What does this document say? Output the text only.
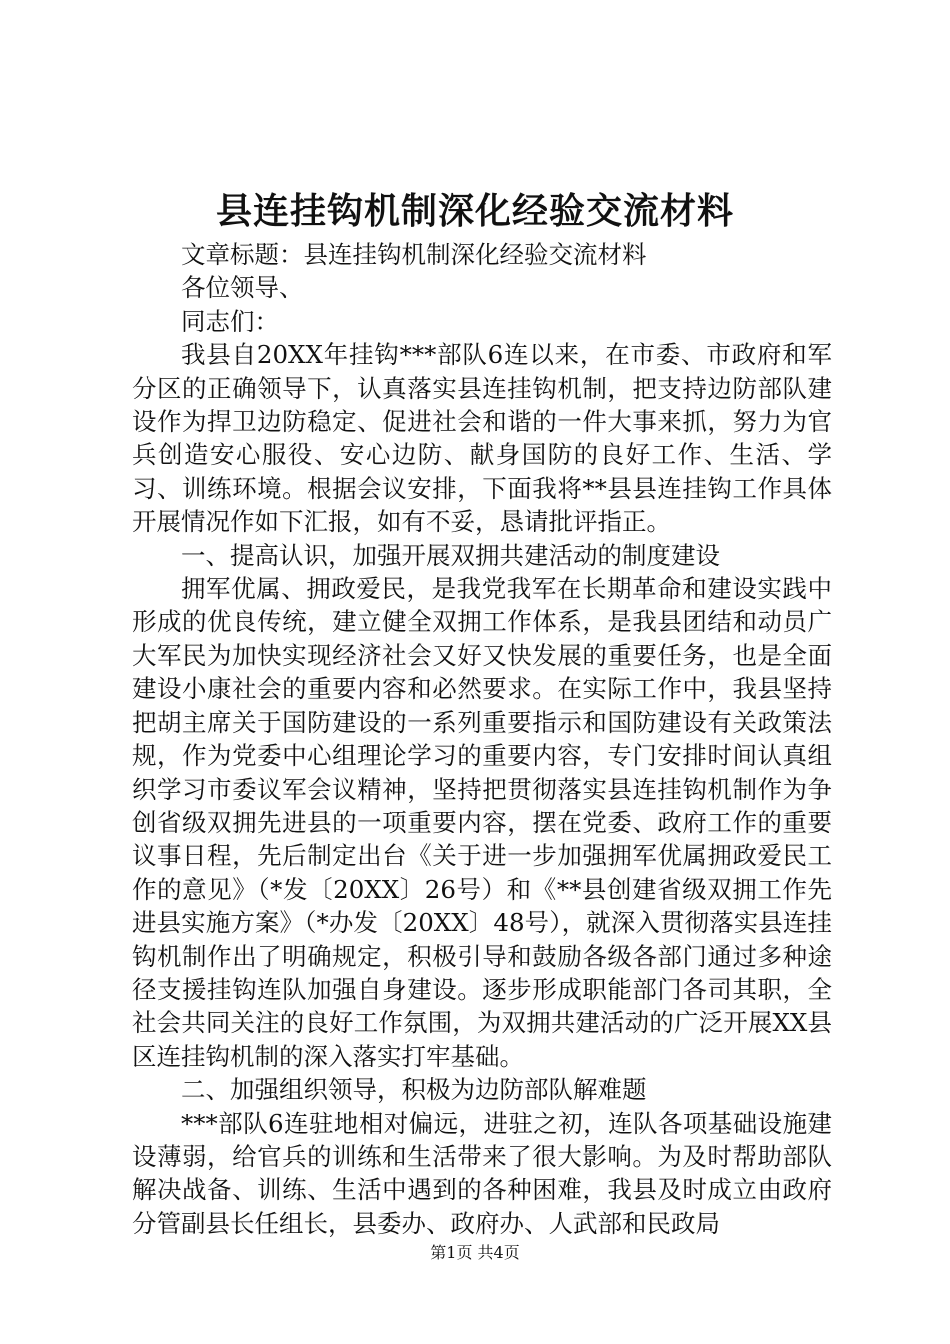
县连挂钩机制深化经验交流材料

文章标题：县连挂钩机制深化经验交流材料

各位领导、

同志们：

我县自20XX年挂钩***部队6连以来，在市委、市政府和军分区的正确领导下，认真落实县连挂钩机制，把支持边防部队建设作为捍卫边防稳定、促进社会和谐的一件大事来抓，努力为官兵创造安心服役、安心边防、献身国防的良好工作、生活、学习、训练环境。根据会议安排，下面我将**县县连挂钩工作具体开展情况作如下汇报，如有不妥，恳请批评指正。

一、提高认识，加强开展双拥共建活动的制度建设

拥军优属、拥政爱民，是我党我军在长期革命和建设实践中形成的优良传统，建立健全双拥工作体系，是我县团结和动员广大军民为加快实现经济社会又好又快发展的重要任务，也是全面建设小康社会的重要内容和必然要求。在实际工作中，我县坚持把胡主席关于国防建设的一系列重要指示和国防建设有关政策法规，作为党委中心组理论学习的重要内容，专门安排时间认真组织学习市委议军会议精神，坚持把贯彻落实县连挂钩机制作为争创省级双拥先进县的一项重要内容，摆在党委、政府工作的重要议事日程，先后制定出台《关于进一步加强拥军优属拥政爱民工作的意见》（*发〔20XX〕26号）和《**县创建省级双拥工作先进县实施方案》（*办发〔20XX〕48号），就深入贯彻落实县连挂钩机制作出了明确规定，积极引导和鼓励各级各部门通过多种途径支援挂钩连队加强自身建设。逐步形成职能部门各司其职，全社会共同关注的良好工作氛围，为双拥共建活动的广泛开展XX县区连挂钩机制的深入落实打牢基础。

二、加强组织领导，积极为边防部队解难题

***部队6连驻地相对偏远，进驻之初，连队各项基础设施建设薄弱，给官兵的训练和生活带来了很大影响。为及时帮助部队解决战备、训练、生活中遇到的各种困难，我县及时成立由政府分管副县长任组长，县委办、政府办、人武部和民政局

第1页 共4页
